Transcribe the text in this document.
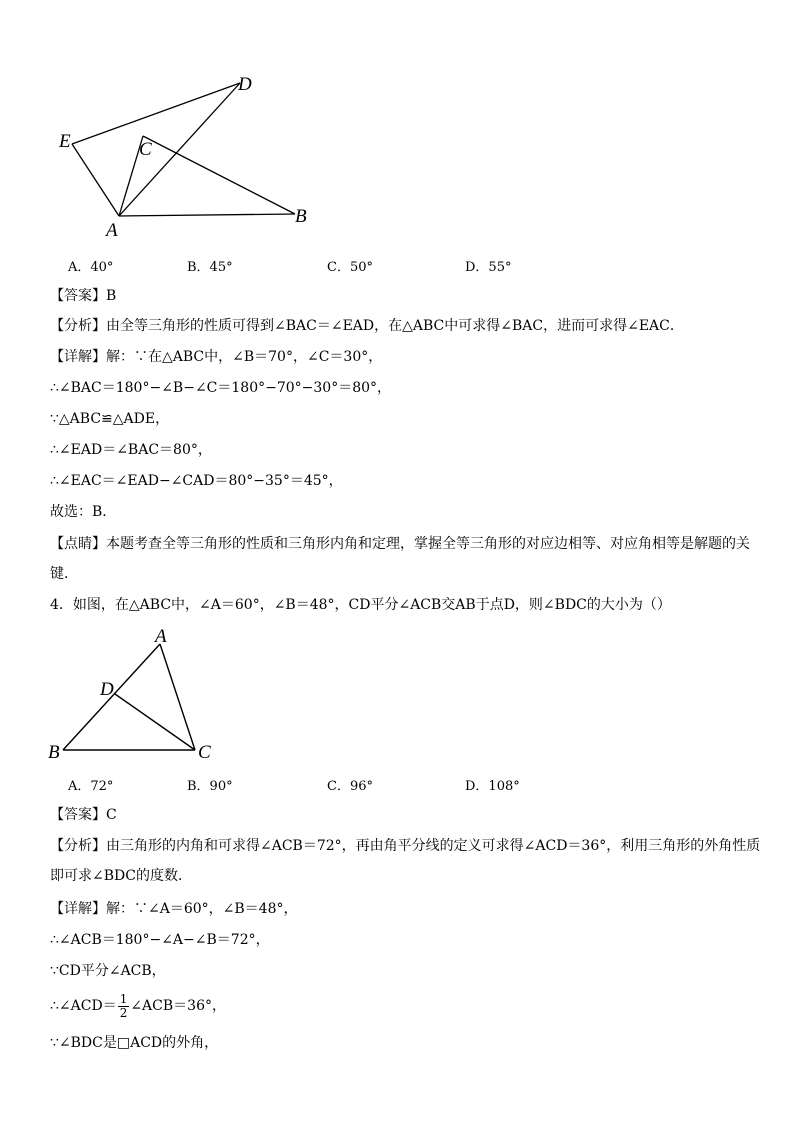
D
E	C
A
B
A．40°	B．45°	C．50°	D．55°
【答案】B
【分析】由全等三角形的性质可得到∠BAC＝∠EAD，在△ABC中可求得∠BAC，进而可求得∠EAC．
【详解】解：∵在△ABC中，∠B＝70°，∠C＝30°，
∴∠BAC＝180°−∠B−∠C＝180°−70°−30°＝80°，
∵△ABC≌△ADE，
∴∠EAD＝∠BAC＝80°，
∴∠EAC＝∠EAD−∠CAD＝80°−35°＝45°，
故选：B．
【点睛】本题考查全等三角形的性质和三角形内角和定理，掌握全等三角形的对应边相等、对应角相等是解题的关
键．
4．如图，在△ABC中，∠A＝60°，∠B＝48°，CD平分∠ACB交AB于点D，则∠BDC的大小为（）
A
D
B	C
A．72°	B．90°	C．96°	D．108°
【答案】C
【分析】由三角形的内角和可求得∠ACB＝72°，再由角平分线的定义可求得∠ACD＝36°，利用三角形的外角性质
即可求∠BDC的度数．
【详解】解：∵∠A＝60°，∠B＝48°，
∴∠ACB＝180°−∠A−∠B＝72°，
∵CD平分∠ACB，
∴∠ACD＝ $\frac{1}{2}$ ∠ACB＝36°，
∵∠BDC是□ACD的外角，
